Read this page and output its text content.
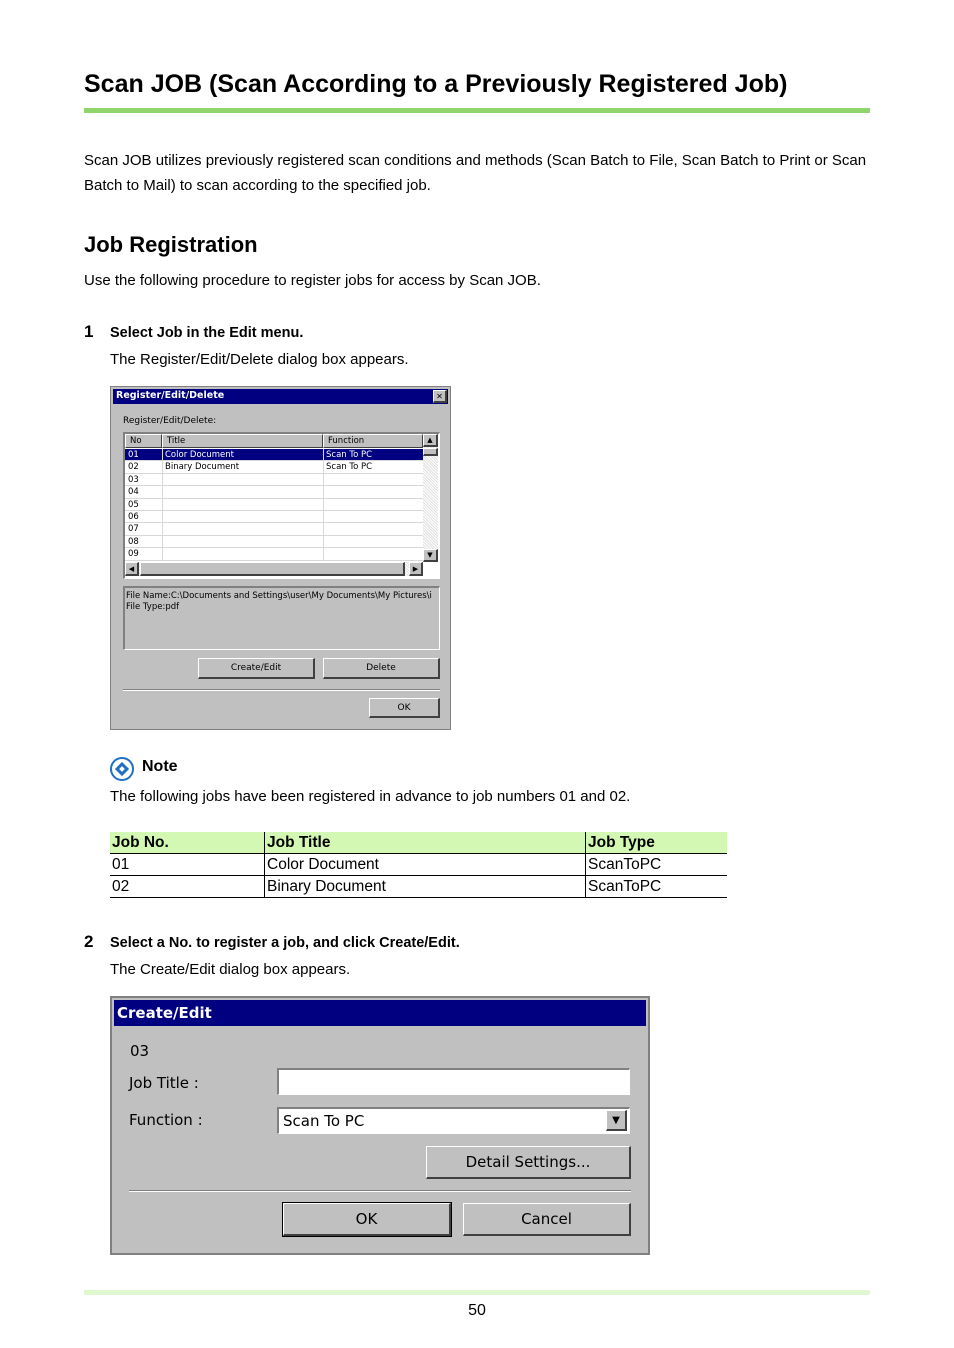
Scan JOB (Scan According to a Previously Registered Job)
Scan JOB utilizes previously registered scan conditions and methods (Scan Batch to File, Scan Batch to Print or Scan Batch to Mail) to scan according to the specified job.
Job Registration
Use the following procedure to register jobs for access by Scan JOB.
1 Select Job in the Edit menu.
The Register/Edit/Delete dialog box appears.
Register/Edit/Delete	✕
Register/Edit/Delete:
No	Title	Function
01	Color Document	Scan To PC
02	Binary Document	Scan To PC
03
04
05
06
07
08
09
▲
▼
◀	▶
File Name:C:\Documents and Settings\user\My Documents\My Pictures\i
File Type:pdf
Create/Edit	Delete
OK
Note
The following jobs have been registered in advance to job numbers 01 and 02.
Job No.	Job Title	Job Type
01	Color Document	ScanToPC
02	Binary Document	ScanToPC
2 Select a No. to register a job, and click Create/Edit.
The Create/Edit dialog box appears.
Create/Edit
03
Job Title :
Function :	Scan To PC	▼
Detail Settings...
OK	Cancel
50
